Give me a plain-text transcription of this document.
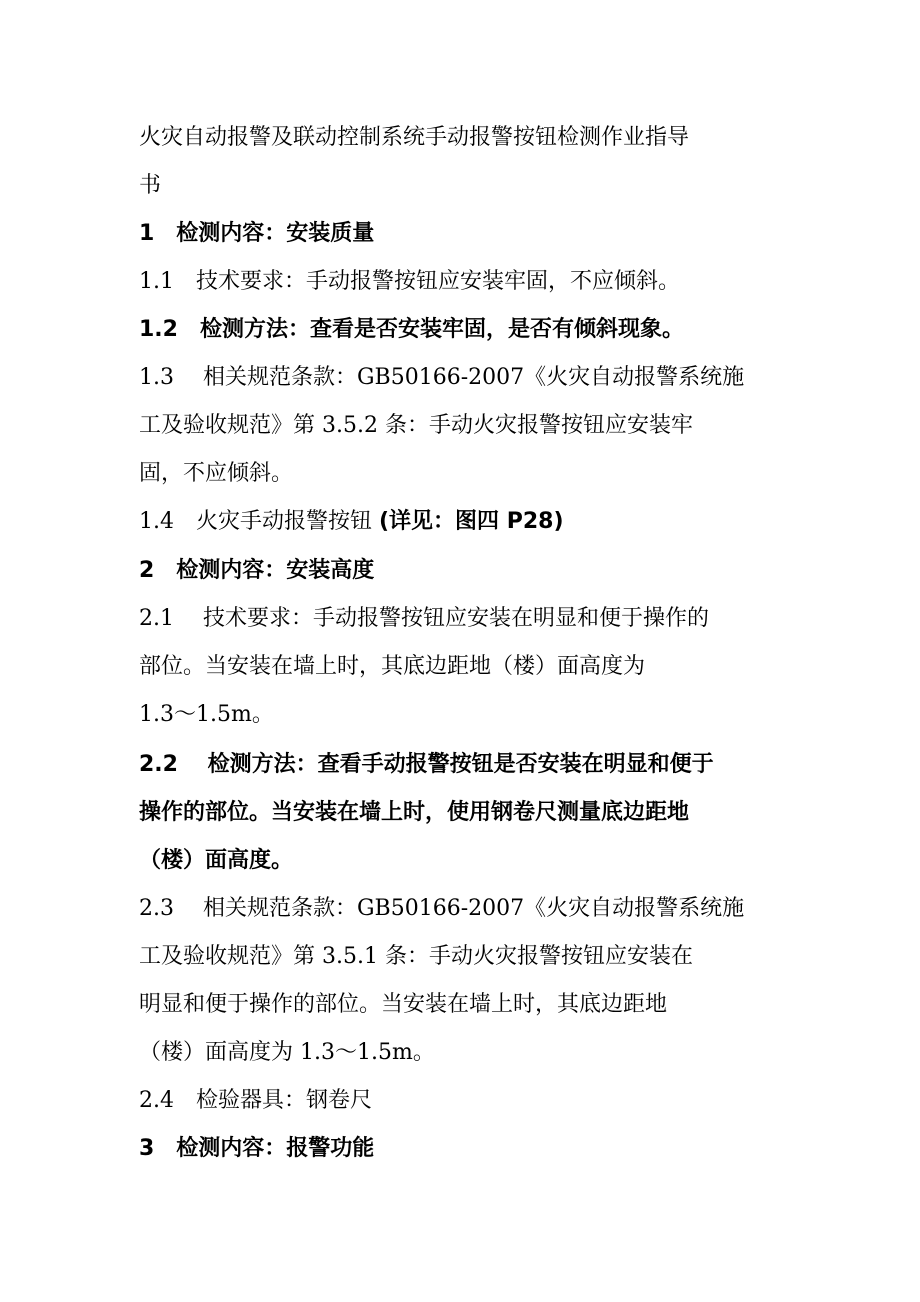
火灾自动报警及联动控制系统手动报警按钮检测作业指导
书
1　检测内容：安装质量
1.1　技术要求：手动报警按钮应安装牢固，不应倾斜。
1.2　检测方法：查看是否安装牢固，是否有倾斜现象。
1.3　 相关规范条款：GB50166-2007《火灾自动报警系统施
工及验收规范》第 3.5.2 条：手动火灾报警按钮应安装牢
固，不应倾斜。
1.4　火灾手动报警按钮 (详见：图四 P28)
2　检测内容：安装高度
2.1　 技术要求：手动报警按钮应安装在明显和便于操作的
部位。当安装在墙上时，其底边距地（楼）面高度为
1.3～1.5m。
2.2　 检测方法：查看手动报警按钮是否安装在明显和便于
操作的部位。当安装在墙上时，使用钢卷尺测量底边距地
（楼）面高度。
2.3　 相关规范条款：GB50166-2007《火灾自动报警系统施
工及验收规范》第 3.5.1 条：手动火灾报警按钮应安装在
明显和便于操作的部位。当安装在墙上时，其底边距地
（楼）面高度为 1.3～1.5m。
2.4　检验器具：钢卷尺
3　检测内容：报警功能
